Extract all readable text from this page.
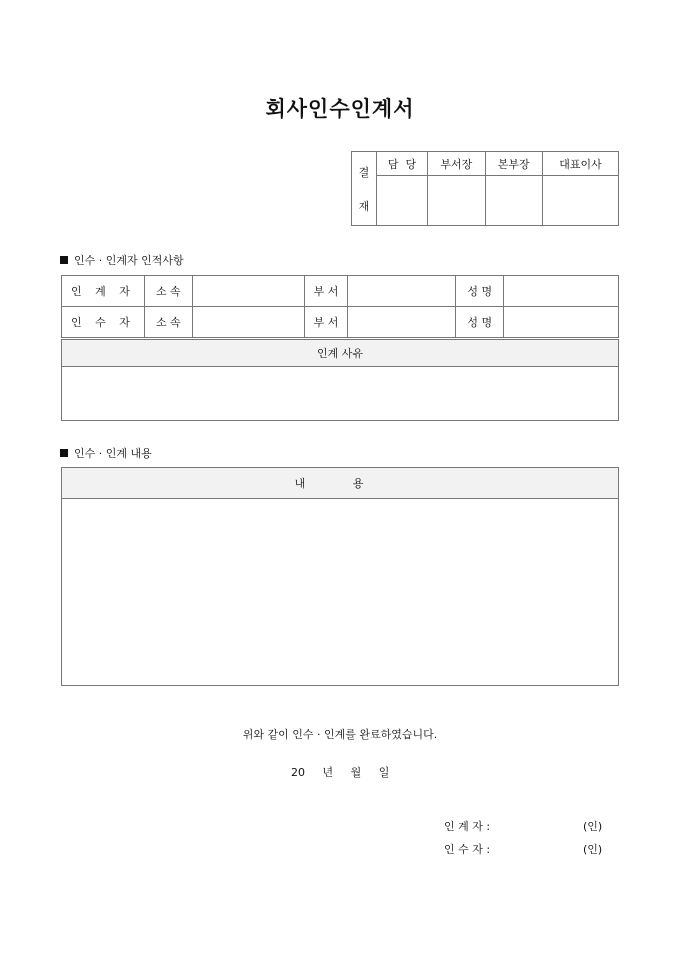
회사인수인계서
결
재	담  당	부서장	본부장	대표이사

인수 · 인계자 인적사항
인 계 자	소 속		부 서		성 명	
인 수 자	소 속		부 서		성 명	
인계 사유

인수 · 인계 내용
내 용

위와 같이 인수 · 인계를 완료하였습니다.
20 년 월 일
인 계 자 :	(인)
인 수 자 :	(인)
